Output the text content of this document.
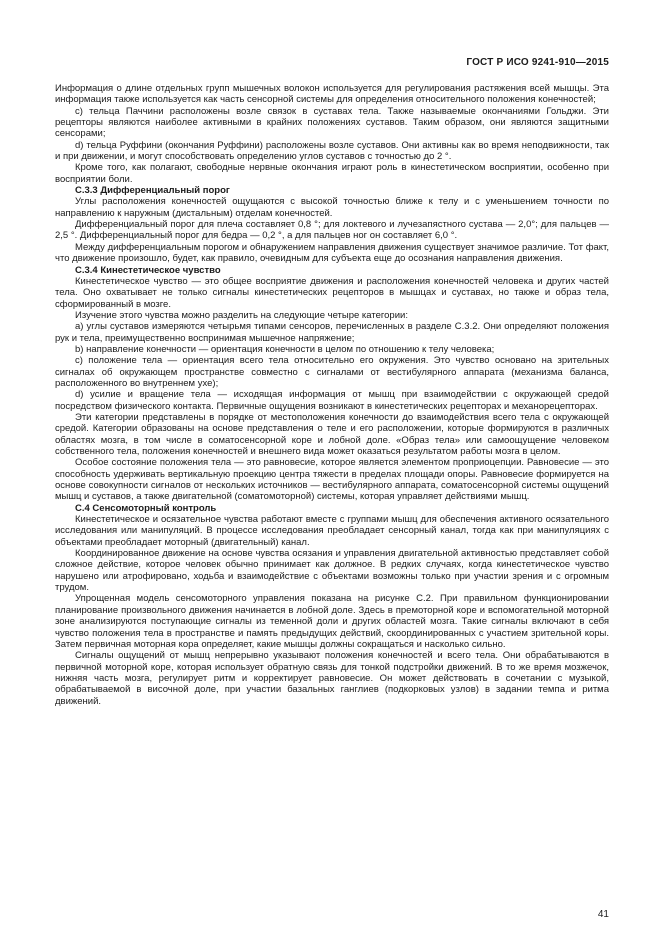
ГОСТ Р ИСО 9241-910—2015

Информация о длине отдельных групп мышечных волокон используется для регулирования растяжения всей мышцы. Эта информация также используется как часть сенсорной системы для определения относительного положения конечностей;

c) тельца Паччини расположены возле связок в суставах тела. Также называемые окончаниями Гольджи. Эти рецепторы являются наиболее активными в крайних положениях суставов. Таким образом, они являются защитными сенсорами;

d) тельца Руффини (окончания Руффини) расположены возле суставов. Они активны как во время неподвижности, так и при движении, и могут способствовать определению углов суставов с точностью до 2 °.

Кроме того, как полагают, свободные нервные окончания играют роль в кинестетическом восприятии, особенно при восприятии боли.

С.3.3 Дифференциальный порог

Углы расположения конечностей ощущаются с высокой точностью ближе к телу и с уменьшением точности по направлению к наружным (дистальным) отделам конечностей.

Дифференциальный порог для плеча составляет 0,8 °; для локтевого и лучезапястного сустава — 2,0°; для пальцев — 2,5 °. Дифференциальный порог для бедра — 0,2 °, а для пальцев ног он составляет 6,0 °.

Между дифференциальным порогом и обнаружением направления движения существует значимое различие. Тот факт, что движение произошло, будет, как правило, очевидным для субъекта еще до осознания направления движения.

С.3.4 Кинестетическое чувство

Кинестетическое чувство — это общее восприятие движения и расположения конечностей человека и других частей тела. Оно охватывает не только сигналы кинестетических рецепторов в мышцах и суставах, но также и образ тела, сформированный в мозге.

Изучение этого чувства можно разделить на следующие четыре категории:

а) углы суставов измеряются четырьмя типами сенсоров, перечисленных в разделе С.3.2. Они определяют положения рук и тела, преимущественно воспринимая мышечное напряжение;

b) направление конечности — ориентация конечности в целом по отношению к телу человека;

c) положение тела — ориентация всего тела относительно его окружения. Это чувство основано на зрительных сигналах об окружающем пространстве совместно с сигналами от вестибулярного аппарата (механизма баланса, расположенного во внутреннем ухе);

d) усилие и вращение тела — исходящая информация от мышц при взаимодействии с окружающей средой посредством физического контакта. Первичные ощущения возникают в кинестетических рецепторах и механорецепторах.

Эти категории представлены в порядке от местоположения конечности до взаимодействия всего тела с окружающей средой. Категории образованы на основе представления о теле и его расположении, которые формируются в различных областях мозга, в том числе в соматосенсорной коре и лобной доле. «Образ тела» или самоощущение человеком собственного тела, положения конечностей и внешнего вида может оказаться результатом работы мозга в целом.

Особое состояние положения тела — это равновесие, которое является элементом проприоцепции. Равновесие — это способность удерживать вертикальную проекцию центра тяжести в пределах площади опоры. Равновесие формируется на основе совокупности сигналов от нескольких источников — вестибулярного аппарата, соматосенсорной системы ощущений мышц и суставов, а также двигательной (соматомоторной) системы, которая управляет действиями мышц.

С.4 Сенсомоторный контроль

Кинестетическое и осязательное чувства работают вместе с группами мышц для обеспечения активного осязательного исследования или манипуляций. В процессе исследования преобладает сенсорный канал, тогда как при манипуляциях с объектами преобладает моторный (двигательный) канал.

Координированное движение на основе чувства осязания и управления двигательной активностью представляет собой сложное действие, которое человек обычно принимает как должное. В редких случаях, когда кинестетическое чувство нарушено или атрофировано, ходьба и взаимодействие с объектами возможны только при участии зрения и с огромным трудом.

Упрощенная модель сенсомоторного управления показана на рисунке С.2. При правильном функционировании планирование произвольного движения начинается в лобной доле. Здесь в премоторной коре и вспомогательной моторной зоне анализируются поступающие сигналы из теменной доли и других областей мозга. Такие сигналы включают в себя чувство положения тела в пространстве и память предыдущих действий, скоординированных с участием зрительной коры. Затем первичная моторная кора определяет, какие мышцы должны сокращаться и насколько сильно.

Сигналы ощущений от мышц непрерывно указывают положения конечностей и всего тела. Они обрабатываются в первичной моторной коре, которая использует обратную связь для тонкой подстройки движений. В то же время мозжечок, нижняя часть мозга, регулирует ритм и корректирует равновесие. Он может действовать в сочетании с музыкой, обрабатываемой в височной доле, при участии базальных ганглиев (подкорковых узлов) в задании темпа и ритма движений.

41
